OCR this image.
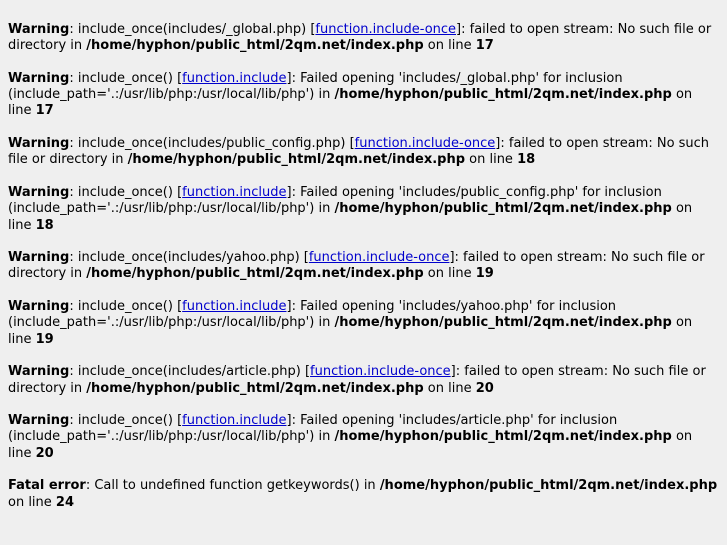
Warning: include_once(includes/_global.php) [function.include-once]: failed to open stream: No such file or directory in /home/hyphon/public_html/2qm.net/index.php on line 17

Warning: include_once() [function.include]: Failed opening 'includes/_global.php' for inclusion (include_path='.:/usr/lib/php:/usr/local/lib/php') in /home/hyphon/public_html/2qm.net/index.php on line 17

Warning: include_once(includes/public_config.php) [function.include-once]: failed to open stream: No such file or directory in /home/hyphon/public_html/2qm.net/index.php on line 18

Warning: include_once() [function.include]: Failed opening 'includes/public_config.php' for inclusion (include_path='.:/usr/lib/php:/usr/local/lib/php') in /home/hyphon/public_html/2qm.net/index.php on line 18

Warning: include_once(includes/yahoo.php) [function.include-once]: failed to open stream: No such file or directory in /home/hyphon/public_html/2qm.net/index.php on line 19

Warning: include_once() [function.include]: Failed opening 'includes/yahoo.php' for inclusion (include_path='.:/usr/lib/php:/usr/local/lib/php') in /home/hyphon/public_html/2qm.net/index.php on line 19

Warning: include_once(includes/article.php) [function.include-once]: failed to open stream: No such file or directory in /home/hyphon/public_html/2qm.net/index.php on line 20

Warning: include_once() [function.include]: Failed opening 'includes/article.php' for inclusion (include_path='.:/usr/lib/php:/usr/local/lib/php') in /home/hyphon/public_html/2qm.net/index.php on line 20

Fatal error: Call to undefined function getkeywords() in /home/hyphon/public_html/2qm.net/index.php on line 24
